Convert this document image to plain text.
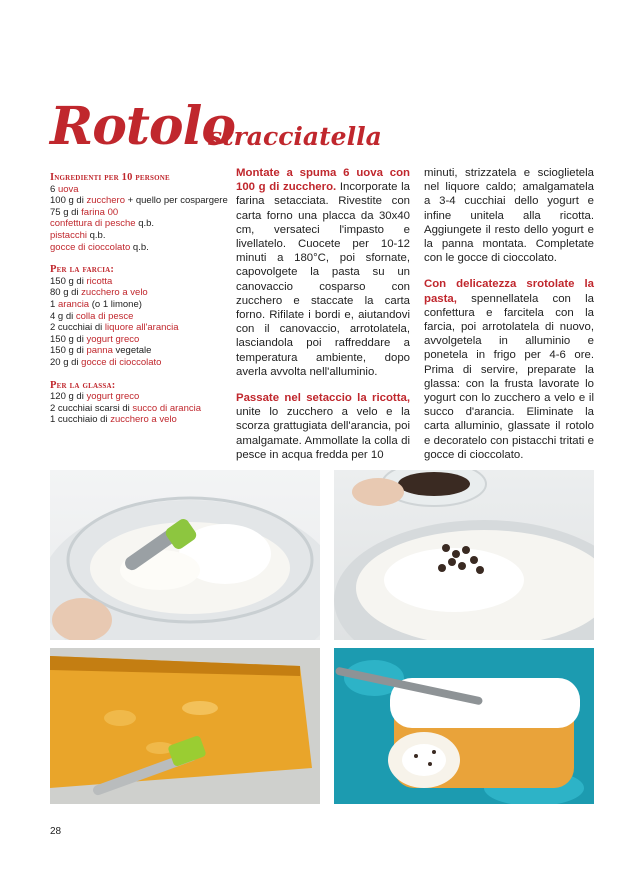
Rotolo
stracciatella
Ingredienti per 10 persone
6 uova
100 g di zucchero + quello per cospargere
75 g di farina 00
confettura di pesche q.b.
pistacchi q.b.
gocce di cioccolato q.b.
Per la farcia:
150 g di ricotta
80 g di zucchero a velo
1 arancia (o 1 limone)
4 g di colla di pesce
2 cucchiai di liquore all'arancia
150 g di yogurt greco
150 g di panna vegetale
20 g di gocce di cioccolato
Per la glassa:
120 g di yogurt greco
2 cucchiai scarsi di succo di arancia
1 cucchiaio di zucchero a velo

Montate a spuma 6 uova con 100 g di zucchero. Incorporate la farina setacciata. Rivestite con carta forno una placca da 30x40 cm, versateci l'impasto e livellatelo. Cuocete per 10-12 minuti a 180°C, poi sfornate, capovolgete la pasta su un canovaccio cosparso con zucchero e staccate la carta forno. Rifilate i bordi e, aiutandovi con il canovaccio, arrotolatela, lasciandola poi raffreddare a temperatura ambiente, dopo averla avvolta nell'alluminio.

Passate nel setaccio la ricotta, unite lo zucchero a velo e la scorza grattugiata dell'arancia, poi amalgamate. Ammollate la colla di pesce in acqua fredda per 10

minuti, strizzatela e scioglietela nel liquore caldo; amalgamatela a 3-4 cucchiai dello yogurt e infine unitela alla ricotta. Aggiungete il resto dello yogurt e la panna montata. Completate con le gocce di cioccolato.

Con delicatezza srotolate la pasta, spennellatela con la confettura e farcitela con la farcia, poi arrotolatela di nuovo, avvolgetela in alluminio e ponetela in frigo per 4-6 ore. Prima di servire, preparate la glassa: con la frusta lavorate lo yogurt con lo zucchero a velo e il succo d'arancia. Eliminate la carta alluminio, glassate il rotolo e decoratelo con pistacchi tritati e gocce di cioccolato.

28
